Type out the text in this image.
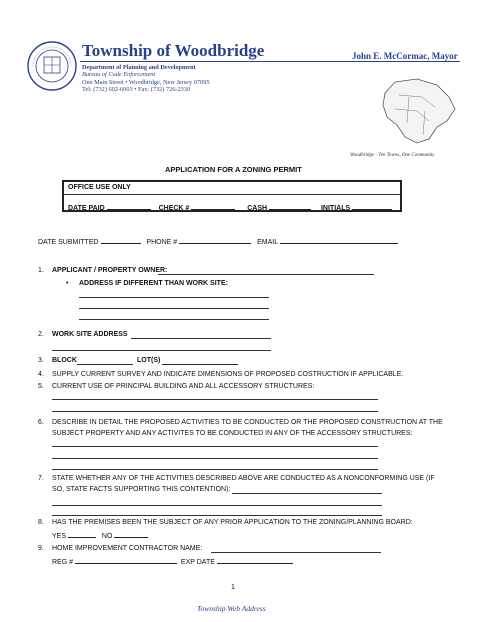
Township of Woodbridge	John E. McCormac, Mayor
Department of Planning and Development
Bureau of Code Enforcement
One Main Street • Woodbridge, New Jersey 07095
Tel: (732) 602-6003 • Fax: (732) 726-2330
Woodbridge - Ten Towns, One Community
APPLICATION FOR A ZONING PERMIT
OFFICE USE ONLY
DATE PAID	CHECK #	CASH	INITIALS
DATE SUBMITTED	PHONE #	EMAIL
1. APPLICANT / PROPERTY OWNER:
• ADDRESS IF DIFFERENT THAN WORK SITE:
2. WORK SITE ADDRESS
3. BLOCK	LOT(S)
4. SUPPLY CURRENT SURVEY AND INDICATE DIMENSIONS OF PROPOSED COSTRUCTION IF APPLICABLE.
5. CURRENT USE OF PRINCIPAL BUILDING AND ALL ACCESSORY STRUCTURES:
6. DESCRIBE IN DETAIL THE PROPOSED ACTIVITIES TO BE CONDUCTED OR THE PROPOSED CONSTRUCTION AT THE
SUBJECT PROPERTY AND ANY ACTIVITES TO BE CONDUCTED IN ANY OF THE ACCESSORY STRUCTURES:
7. STATE WHETHER ANY OF THE ACTIVITIES DESCRIBED ABOVE ARE CONDUCTED AS A NONCONFORMING USE (IF
SO, STATE FACTS SUPPORTING THIS CONTENTION):
8. HAS THE PREMISES BEEN THE SUBJECT OF ANY PRIOR APPLICATION TO THE ZONING/PLANNING BOARD:
YES	NO
9. HOME IMPROVEMENT CONTRACTOR NAME:
REG #	EXP DATE
1
Township Web Address
